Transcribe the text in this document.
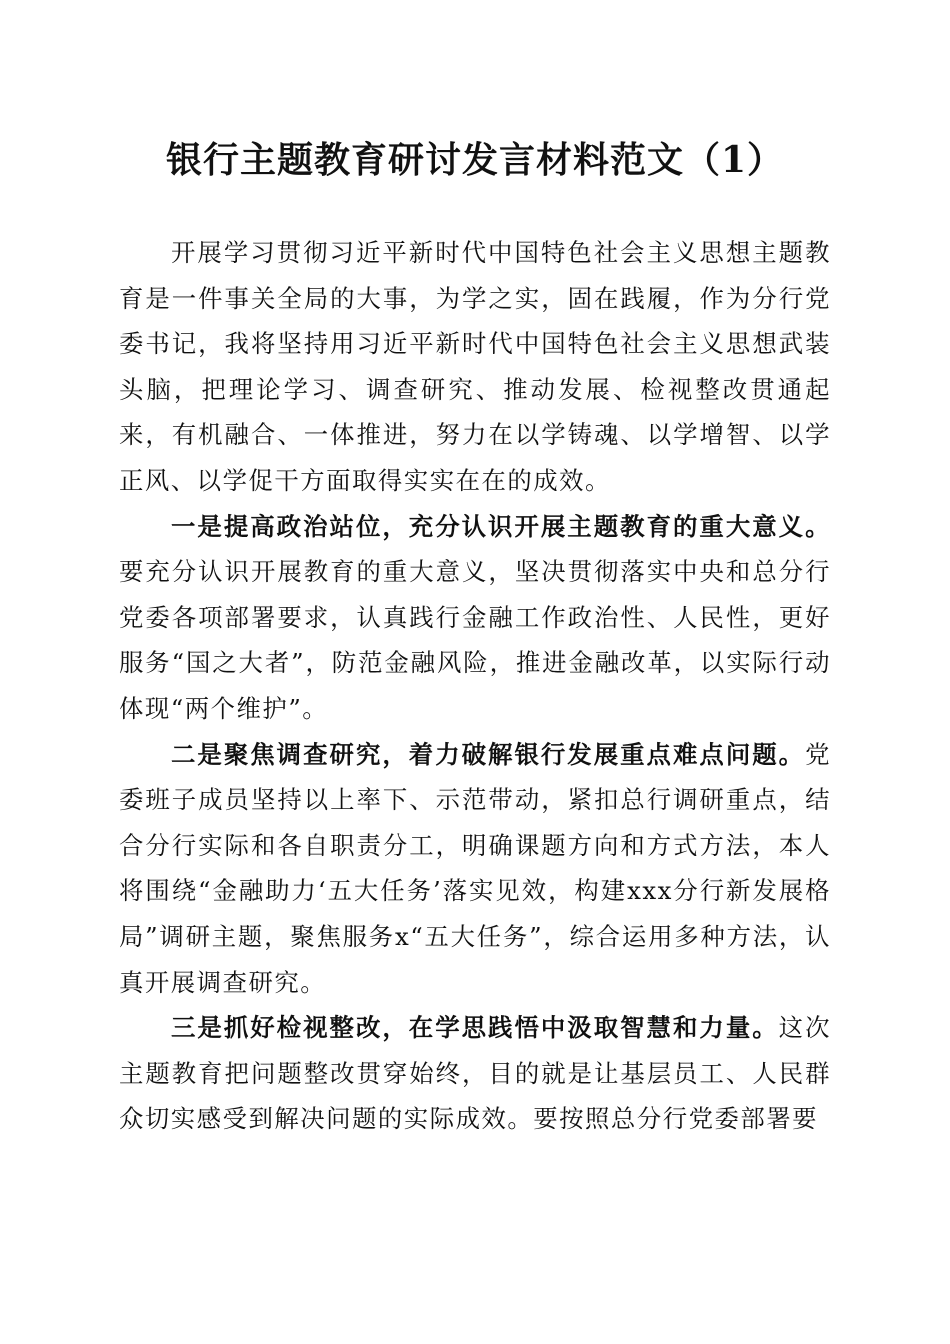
银行主题教育研讨发言材料范文（1）

开展学习贯彻习近平新时代中国特色社会主义思想主题教育是一件事关全局的大事，为学之实，固在践履，作为分行党委书记，我将坚持用习近平新时代中国特色社会主义思想武装头脑，把理论学习、调查研究、推动发展、检视整改贯通起来，有机融合、一体推进，努力在以学铸魂、以学增智、以学正风、以学促干方面取得实实在在的成效。

一是提高政治站位，充分认识开展主题教育的重大意义。要充分认识开展教育的重大意义，坚决贯彻落实中央和总分行党委各项部署要求，认真践行金融工作政治性、人民性，更好服务“国之大者”，防范金融风险，推进金融改革，以实际行动体现“两个维护”。

二是聚焦调查研究，着力破解银行发展重点难点问题。党委班子成员坚持以上率下、示范带动，紧扣总行调研重点，结合分行实际和各自职责分工，明确课题方向和方式方法，本人将围绕“金融助力‘五大任务’落实见效，构建xxx分行新发展格局”调研主题，聚焦服务x“五大任务”，综合运用多种方法，认真开展调查研究。

三是抓好检视整改，在学思践悟中汲取智慧和力量。这次主题教育把问题整改贯穿始终，目的就是让基层员工、人民群众切实感受到解决问题的实际成效。要按照总分行党委部署要
